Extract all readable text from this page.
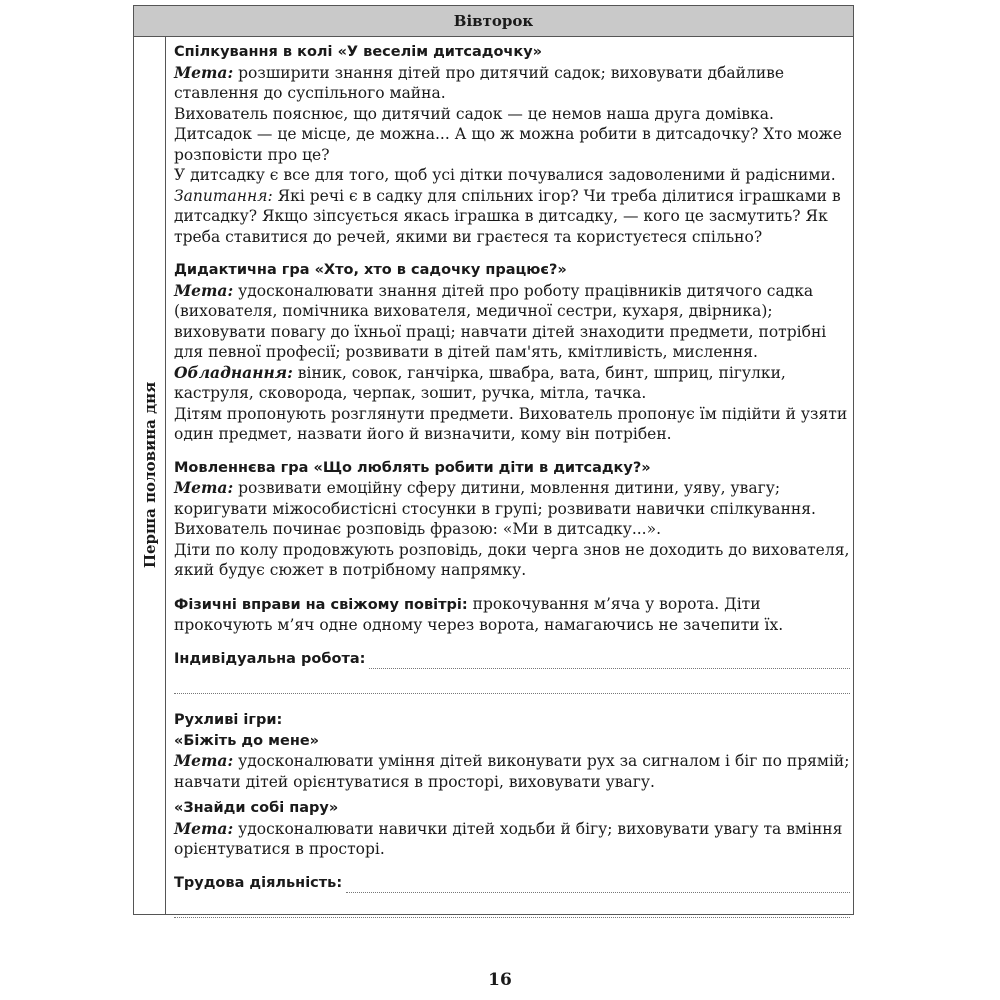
Вівторок
Перша половина дня

Спілкування в колі «У веселім дитсадочку»

Мета: розширити знання дітей про дитячий садок; виховувати дбайливе ставлення до суспільного майна.

Вихователь пояснює, що дитячий садок — це немов наша друга домівка.

Дитсадок — це місце, де можна... А що ж можна робити в дитсадочку? Хто може розповісти про це?

У дитсадку є все для того, щоб усі дітки почувалися задоволеними й радісними.

Запитання: Які речі є в садку для спільних ігор? Чи треба ділитися іграшками в дитсадку? Якщо зіпсується якась іграшка в дитсадку, — кого це засмутить? Як треба ставитися до речей, якими ви граєтеся та користуєтеся спільно?

Дидактична гра «Хто, хто в садочку працює?»

Мета: удосконалювати знання дітей про роботу працівників дитячого садка (вихователя, помічника вихователя, медичної сестри, кухаря, двірника); виховувати повагу до їхньої праці; навчати дітей знаходити предмети, потрібні для певної професії; розвивати в дітей пам'ять, кмітливість, мислення.

Обладнання: віник, совок, ганчірка, швабра, вата, бинт, шприц, пігулки, каструля, сковорода, черпак, зошит, ручка, мітла, тачка.

Дітям пропонують розглянути предмети. Вихователь пропонує їм підійти й узяти один предмет, назвати його й визначити, кому він потрібен.

Мовленнєва гра «Що люблять робити діти в дитсадку?»

Мета: розвивати емоційну сферу дитини, мовлення дитини, уяву, увагу; коригувати міжособистісні стосунки в групі; розвивати навички спілкування.

Вихователь починає розповідь фразою: «Ми в дитсадку...».

Діти по колу продовжують розповідь, доки черга знов не доходить до вихователя, який будує сюжет в потрібному напрямку.

Фізичні вправи на свіжому повітрі: прокочування м’яча у ворота. Діти прокочують м’яч одне одному через ворота, намагаючись не зачепити їх.

Індивідуальна робота:

Рухливі ігри:

«Біжіть до мене»

Мета: удосконалювати уміння дітей виконувати рух за сигналом і біг по прямій; навчати дітей орієнтуватися в просторі, виховувати увагу.

«Знайди собі пару»

Мета: удосконалювати навички дітей ходьби й бігу; виховувати увагу та вміння орієнтуватися в просторі.

Трудова діяльність:
16
